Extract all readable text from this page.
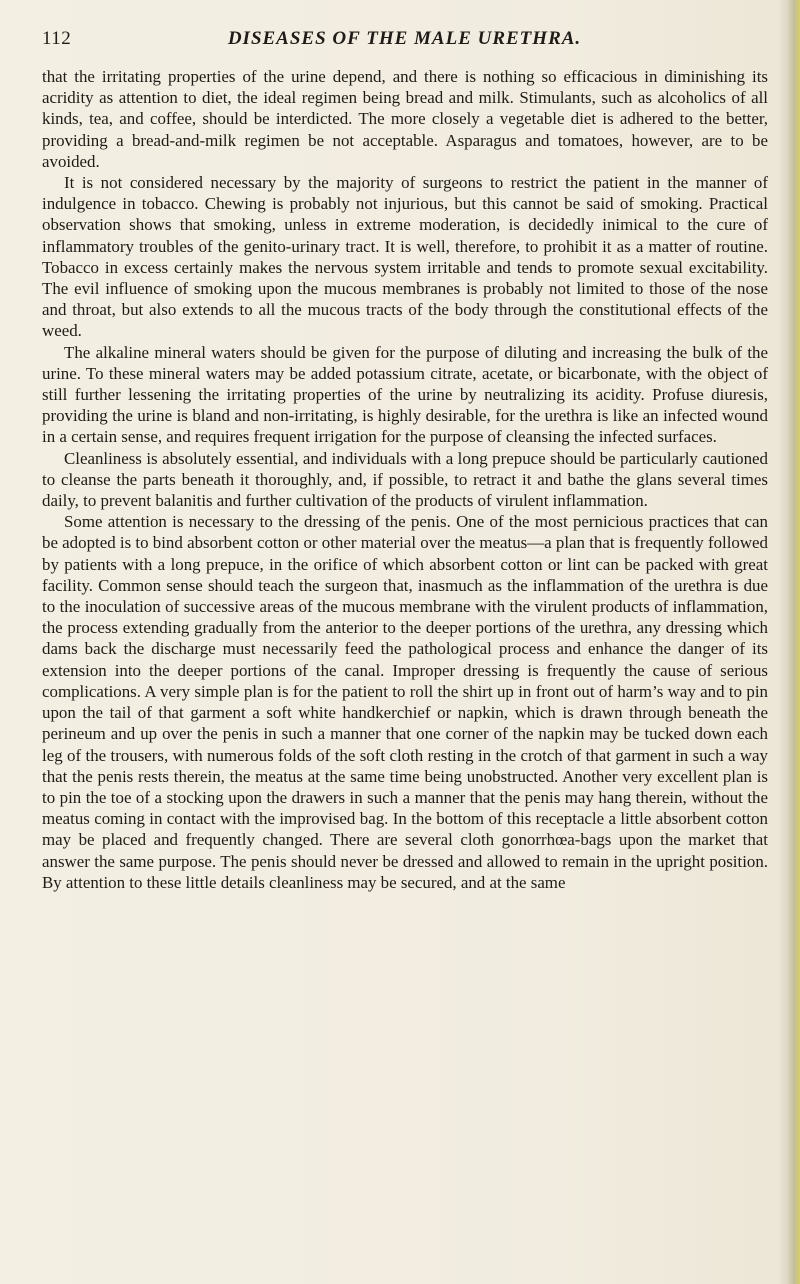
112	DISEASES OF THE MALE URETHRA.

that the irritating properties of the urine depend, and there is nothing so efficacious in diminishing its acridity as attention to diet, the ideal regimen being bread and milk. Stimulants, such as alcoholics of all kinds, tea, and coffee, should be interdicted. The more closely a vegetable diet is adhered to the better, providing a bread-and-milk regimen be not acceptable. Asparagus and tomatoes, however, are to be avoided.

It is not considered necessary by the majority of surgeons to restrict the patient in the manner of indulgence in tobacco. Chewing is probably not injurious, but this cannot be said of smoking. Practical observation shows that smoking, unless in extreme moderation, is decidedly inimical to the cure of inflammatory troubles of the genito-urinary tract. It is well, therefore, to prohibit it as a matter of routine. Tobacco in excess certainly makes the nervous system irritable and tends to promote sexual excitability. The evil influence of smoking upon the mucous membranes is probably not limited to those of the nose and throat, but also extends to all the mucous tracts of the body through the constitutional effects of the weed.

The alkaline mineral waters should be given for the purpose of diluting and increasing the bulk of the urine. To these mineral waters may be added potassium citrate, acetate, or bicarbonate, with the object of still further lessening the irritating properties of the urine by neutralizing its acidity. Profuse diuresis, providing the urine is bland and non-irritating, is highly desirable, for the urethra is like an infected wound in a certain sense, and requires frequent irrigation for the purpose of cleansing the infected surfaces.

Cleanliness is absolutely essential, and individuals with a long prepuce should be particularly cautioned to cleanse the parts beneath it thoroughly, and, if possible, to retract it and bathe the glans several times daily, to prevent balanitis and further cultivation of the products of virulent inflammation.

Some attention is necessary to the dressing of the penis. One of the most pernicious practices that can be adopted is to bind absorbent cotton or other material over the meatus—a plan that is frequently followed by patients with a long prepuce, in the orifice of which absorbent cotton or lint can be packed with great facility. Common sense should teach the surgeon that, inasmuch as the inflammation of the urethra is due to the inoculation of successive areas of the mucous membrane with the virulent products of inflammation, the process extending gradually from the anterior to the deeper portions of the urethra, any dressing which dams back the discharge must necessarily feed the pathological process and enhance the danger of its extension into the deeper portions of the canal. Improper dressing is frequently the cause of serious complications. A very simple plan is for the patient to roll the shirt up in front out of harm’s way and to pin upon the tail of that garment a soft white handkerchief or napkin, which is drawn through beneath the perineum and up over the penis in such a manner that one corner of the napkin may be tucked down each leg of the trousers, with numerous folds of the soft cloth resting in the crotch of that garment in such a way that the penis rests therein, the meatus at the same time being unobstructed. Another very excellent plan is to pin the toe of a stocking upon the drawers in such a manner that the penis may hang therein, without the meatus coming in contact with the improvised bag. In the bottom of this receptacle a little absorbent cotton may be placed and frequently changed. There are several cloth gonorrhœa-bags upon the market that answer the same purpose. The penis should never be dressed and allowed to remain in the upright position. By attention to these little details cleanliness may be secured, and at the same
